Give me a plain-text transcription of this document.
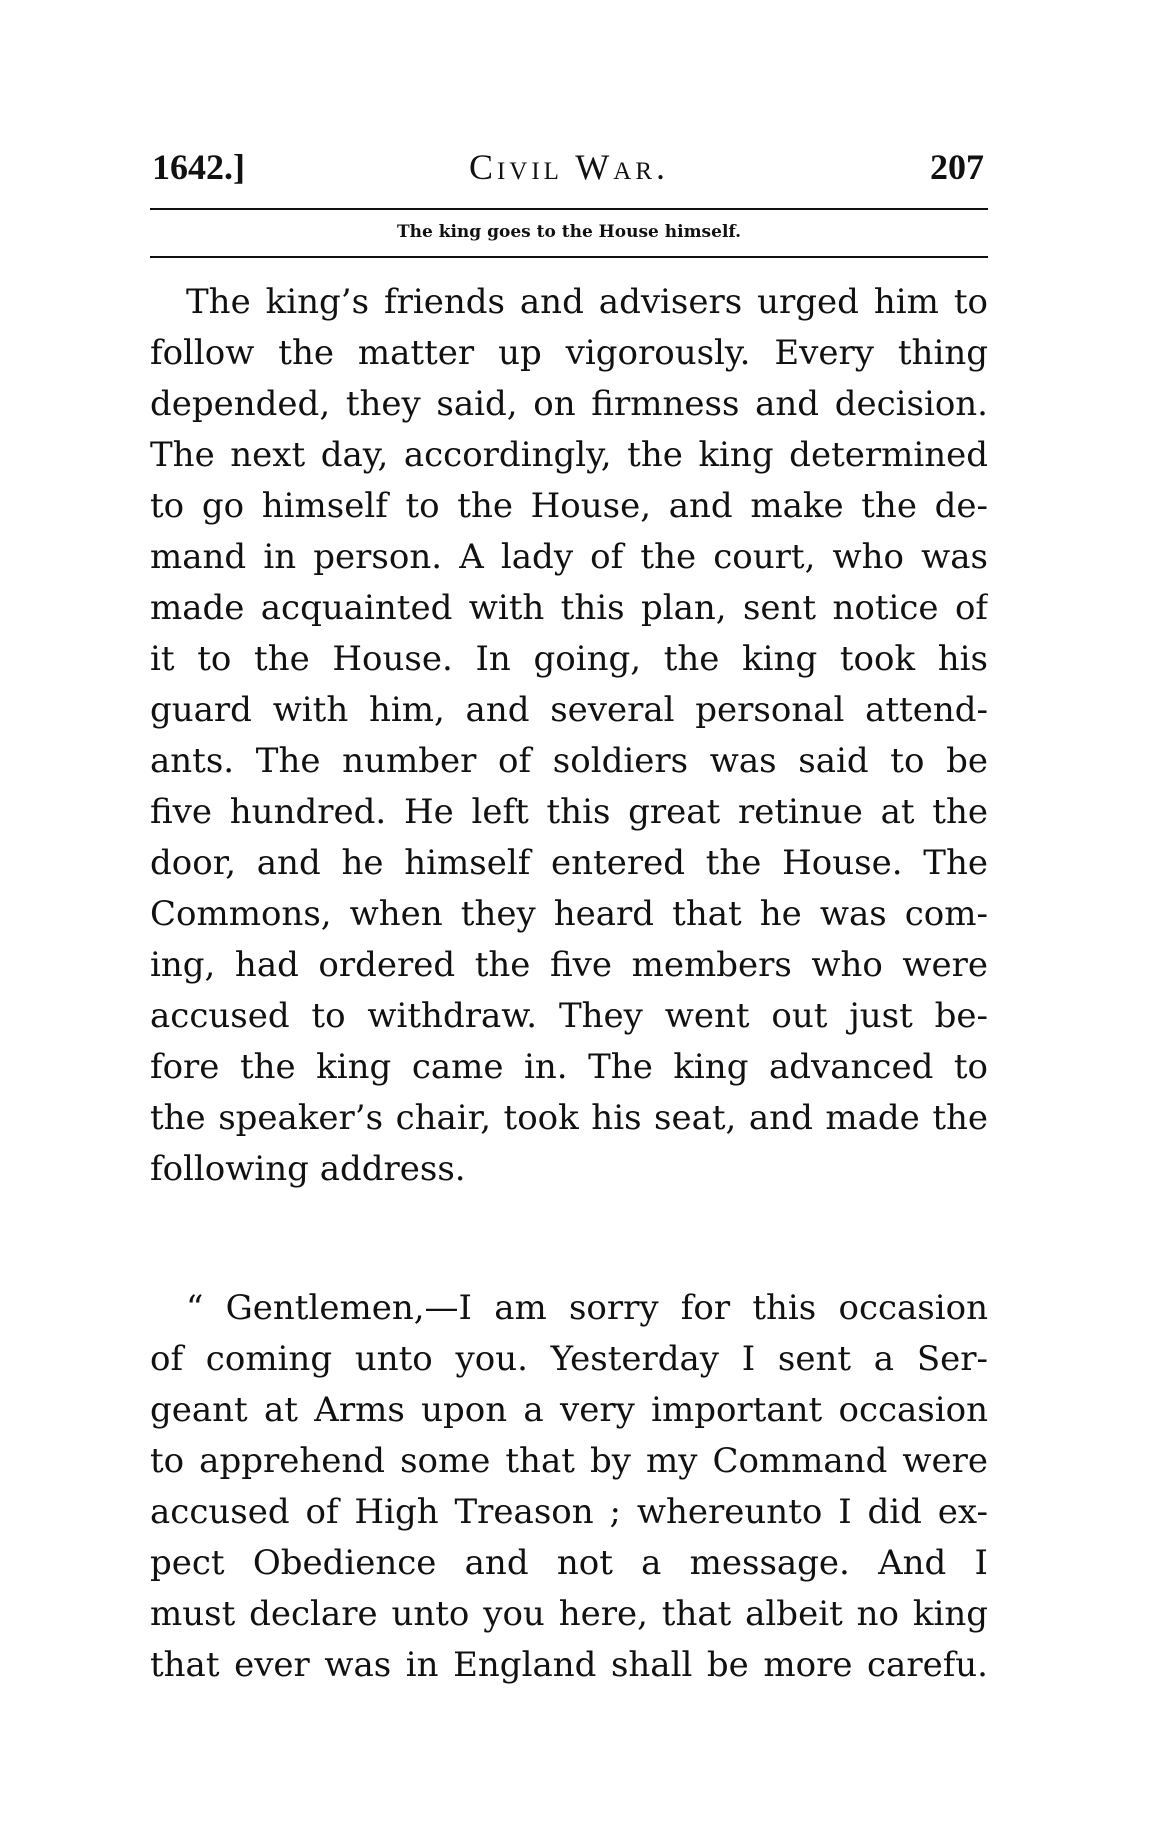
1642.]	Civil War.	207
The king goes to the House himself.
The king’s friends and advisers urged him to
follow the matter up vigorously. Every thing
depended, they said, on firmness and decision.
The next day, accordingly, the king determined
to go himself to the House, and make the de-
mand in person. A lady of the court, who was
made acquainted with this plan, sent notice of
it to the House. In going, the king took his
guard with him, and several personal attend-
ants. The number of soldiers was said to be
five hundred. He left this great retinue at the
door, and he himself entered the House. The
Commons, when they heard that he was com-
ing, had ordered the five members who were
accused to withdraw. They went out just be-
fore the king came in. The king advanced to
the speaker’s chair, took his seat, and made the
following address.
“ Gentlemen,—I am sorry for this occasion
of coming unto you. Yesterday I sent a Ser-
geant at Arms upon a very important occasion
to apprehend some that by my Command were
accused of High Treason ; whereunto I did ex-
pect Obedience and not a message. And I
must declare unto you here, that albeit no king
that ever was in England shall be more carefu.
